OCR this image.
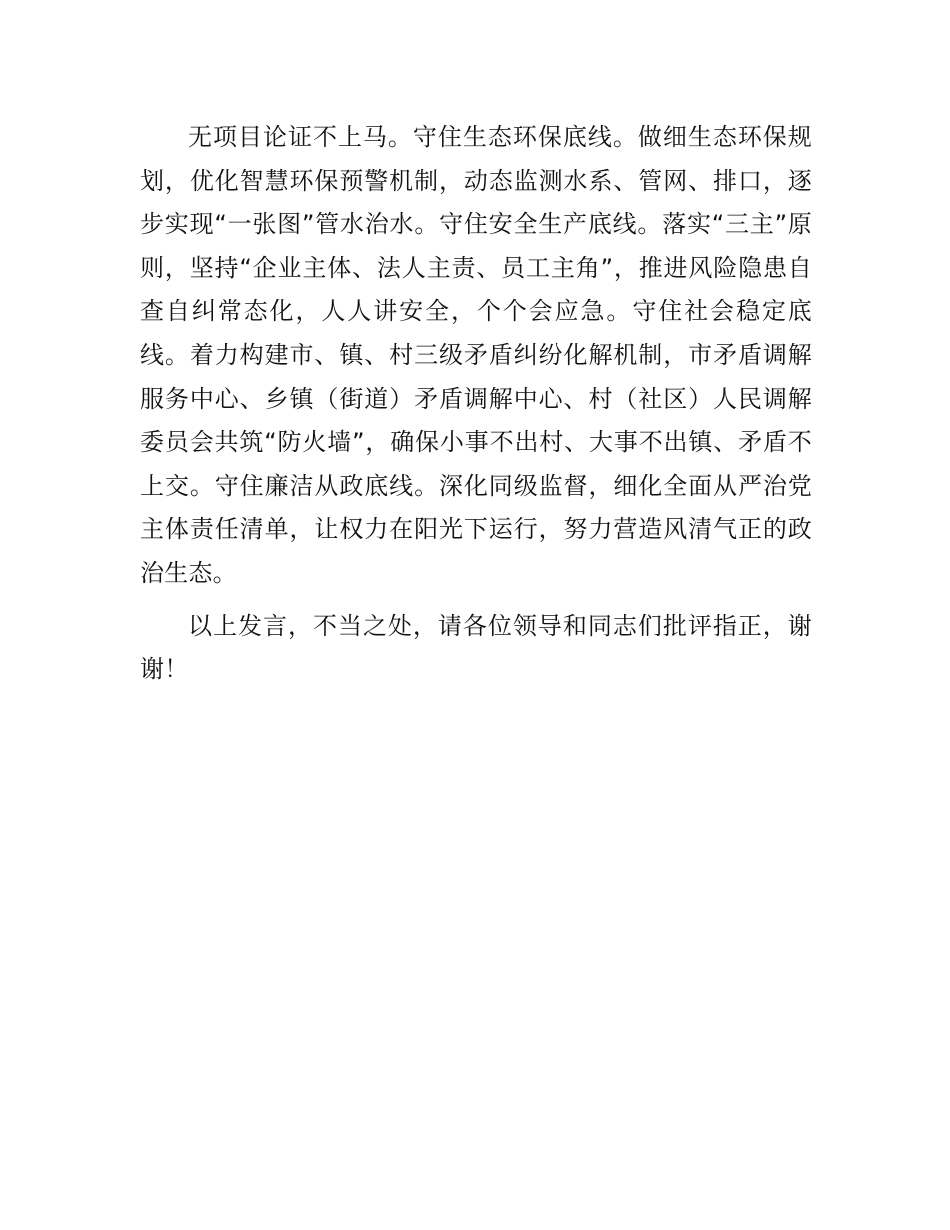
无项目论证不上马。守住生态环保底线。做细生态环保规划，优化智慧环保预警机制，动态监测水系、管网、排口，逐步实现“一张图”管水治水。守住安全生产底线。落实“三主”原则，坚持“企业主体、法人主责、员工主角”，推进风险隐患自查自纠常态化，人人讲安全，个个会应急。守住社会稳定底线。着力构建市、镇、村三级矛盾纠纷化解机制，市矛盾调解服务中心、乡镇（街道）矛盾调解中心、村（社区）人民调解委员会共筑“防火墙”，确保小事不出村、大事不出镇、矛盾不上交。守住廉洁从政底线。深化同级监督，细化全面从严治党主体责任清单，让权力在阳光下运行，努力营造风清气正的政治生态。

以上发言，不当之处，请各位领导和同志们批评指正，谢谢！
